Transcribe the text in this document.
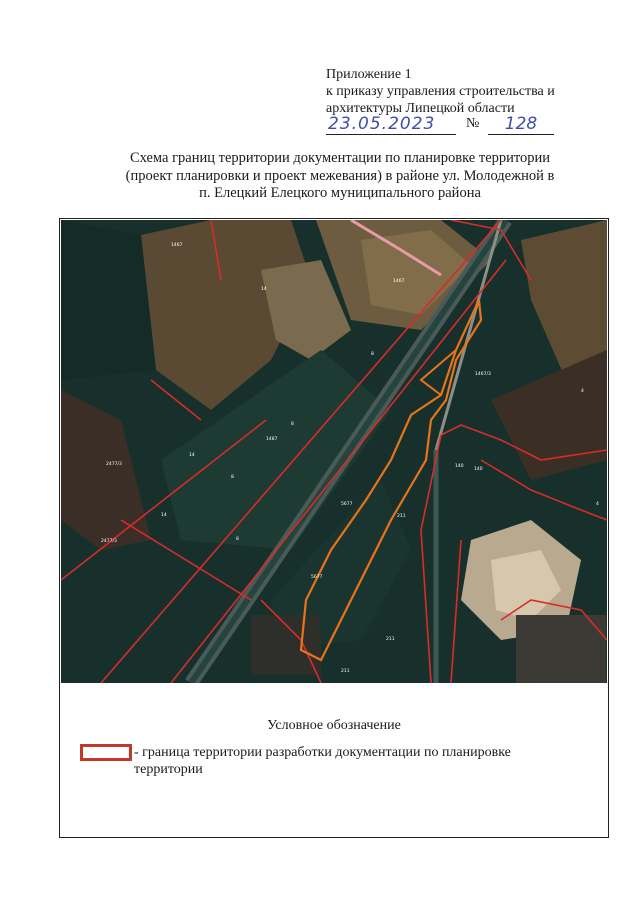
Приложение 1
к приказу управления строительства и
архитектуры Липецкой области
23.05.2023	№	128
Схема границ территории документации по планировке территории
(проект планировки и проект межевания) в районе ул. Молодежной в
п. Елецкий Елецкого муниципального района
1467
14
1467
8
8
2477/3
2477/3
4
14
14
8
1487
5677
5677
211
140
140
8
1467/3
211
211
4
Условное обозначение
- граница территории разработки документации по планировке территории
